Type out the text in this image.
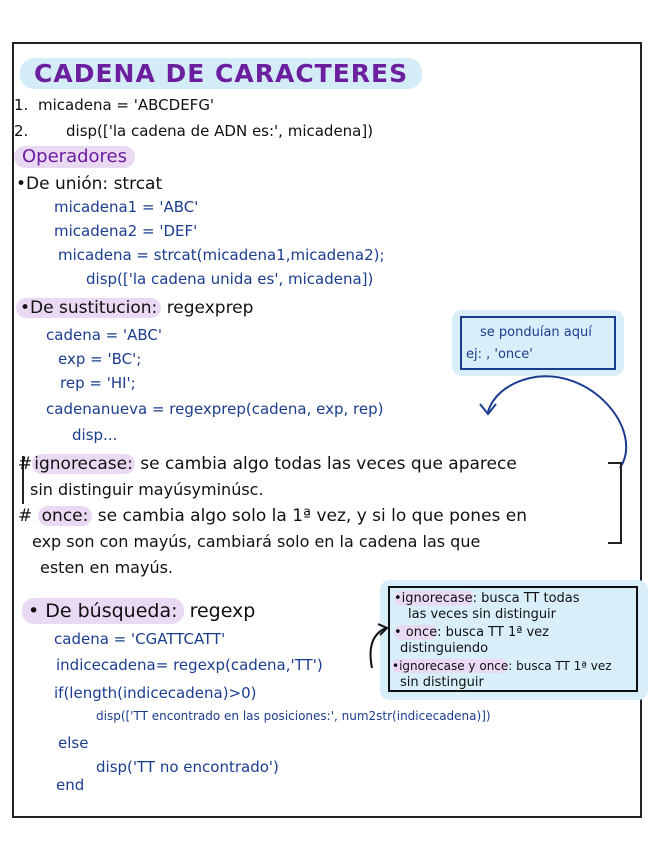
CADENA DE CARACTERES
1. micadena = 'ABCDEFG'
2.	disp(['la cadena de ADN es:', micadena])
Operadores
•De unión: strcat
micadena1 = 'ABC'
micadena2 = 'DEF'
micadena = strcat(micadena1,micadena2);
disp(['la cadena unida es', micadena])
•De sustitucion: regexprep
cadena = 'ABC'
exp = 'BC';
rep = 'HI';
cadenanueva = regexprep(cadena, exp, rep)
disp...
se ponduían aquí
ej: , 'once'
# ignorecase: se cambia algo todas las veces que aparece
sin distinguir mayúsyminúsc.
# once: se cambia algo solo la 1ª vez, y si lo que pones en
exp son con mayús, cambiará solo en la cadena las que
esten en mayús.
• De búsqueda: regexp
cadena = 'CGATTCATT'
indicecadena= regexp(cadena,'TT')
if(length(indicecadena)>0)
disp(['TT encontrado en las posiciones:', num2str(indicecadena)])
else
disp('TT no encontrado')
end
•ignorecase: busca TT todas
las veces sin distinguir
• once: busca TT 1ª vez
distinguiendo
•ignorecase y once: busca TT 1ª vez
sin distinguir
